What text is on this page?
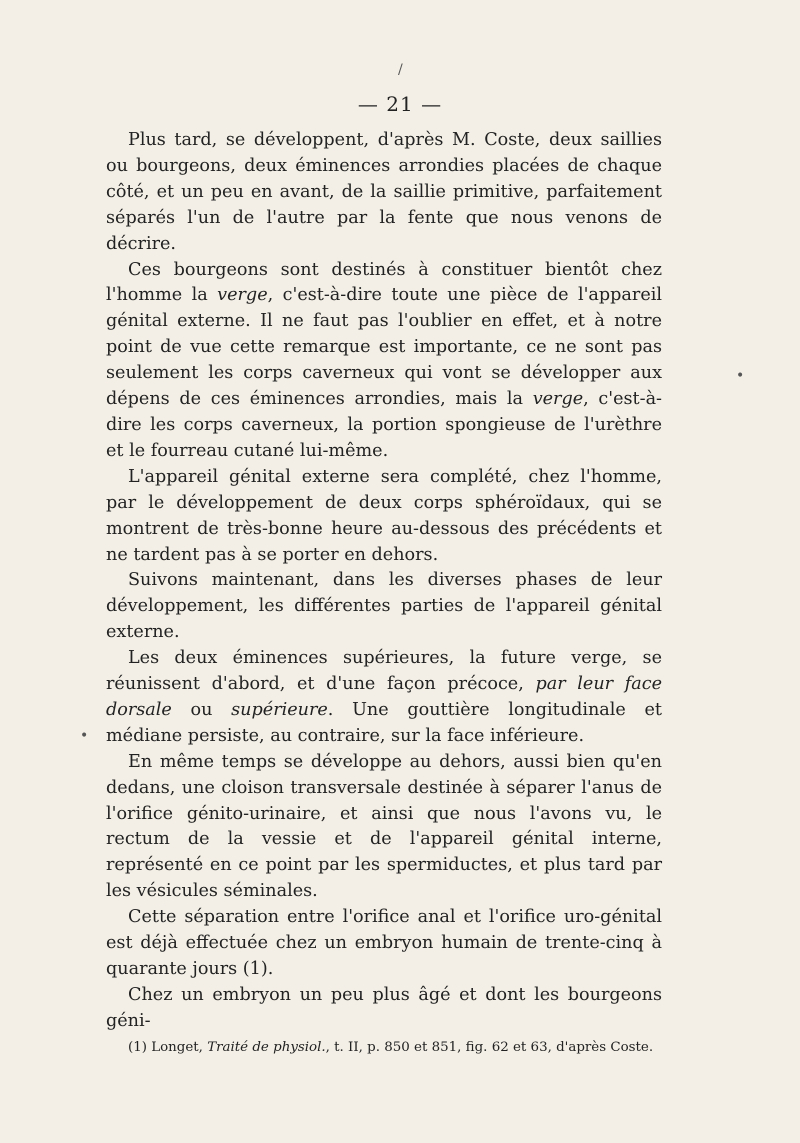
/
— 21 —
•
•

Plus tard, se développent, d'après M. Coste, deux saillies ou bourgeons, deux éminences arrondies placées de chaque côté, et un peu en avant, de la saillie primitive, parfaitement séparés l'un de l'autre par la fente que nous venons de décrire.

Ces bourgeons sont destinés à constituer bientôt chez l'homme la verge, c'est-à-dire toute une pièce de l'appareil génital externe. Il ne faut pas l'oublier en effet, et à notre point de vue cette remarque est importante, ce ne sont pas seulement les corps caverneux qui vont se développer aux dépens de ces éminences arrondies, mais la verge, c'est-à-dire les corps caverneux, la portion spongieuse de l'urèthre et le fourreau cutané lui-même.

L'appareil génital externe sera complété, chez l'homme, par le développement de deux corps sphéroïdaux, qui se montrent de très-bonne heure au-dessous des précédents et ne tardent pas à se porter en dehors.

Suivons maintenant, dans les diverses phases de leur développement, les différentes parties de l'appareil génital externe.

Les deux éminences supérieures, la future verge, se réunissent d'abord, et d'une façon précoce, par leur face dorsale ou supérieure. Une gouttière longitudinale et médiane persiste, au contraire, sur la face inférieure.

En même temps se développe au dehors, aussi bien qu'en dedans, une cloison transversale destinée à séparer l'anus de l'orifice génito-urinaire, et ainsi que nous l'avons vu, le rectum de la vessie et de l'appareil génital interne, représenté en ce point par les spermiductes, et plus tard par les vésicules séminales.

Cette séparation entre l'orifice anal et l'orifice uro-génital est déjà effectuée chez un embryon humain de trente-cinq à quarante jours (1).

Chez un embryon un peu plus âgé et dont les bourgeons géni-

(1) Longet, Traité de physiol., t. II, p. 850 et 851, fig. 62 et 63, d'après Coste.
